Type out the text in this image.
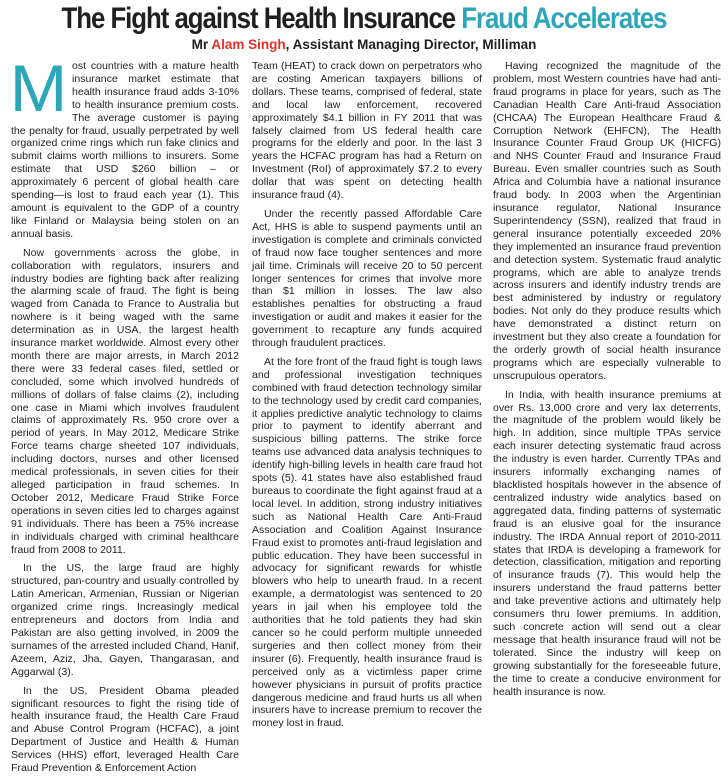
The Fight against Health Insurance Fraud Accelerates
Mr Alam Singh, Assistant Managing Director, Milliman

Most countries with a mature health insurance market estimate that health insurance fraud adds 3-10% to health insurance premium costs. The average customer is paying the penalty for fraud, usually perpetrated by well organized crime rings which run fake clinics and submit claims worth millions to insurers. Some estimate that USD $260 billion – or approximately 6 percent of global health care spending—is lost to fraud each year (1). This amount is equivalent to the GDP of a country like Finland or Malaysia being stolen on an annual basis.

Now governments across the globe, in collaboration with regulators, insurers and industry bodies are fighting back after realizing the alarming scale of fraud. The fight is being waged from Canada to France to Australia but nowhere is it being waged with the same determination as in USA, the largest health insurance market worldwide. Almost every other month there are major arrests, in March 2012 there were 33 federal cases filed, settled or concluded, some which involved hundreds of millions of dollars of false claims (2), including one case in Miami which involves fraudulent claims of approximately Rs. 950 crore over a period of years. In May 2012, Medicare Strike Force teams charge sheeted 107 individuals, including doctors, nurses and other licensed medical professionals, in seven cities for their alleged participation in fraud schemes. In October 2012, Medicare Fraud Strike Force operations in seven cities led to charges against 91 individuals. There has been a 75% increase in individuals charged with criminal healthcare fraud from 2008 to 2011.

In the US, the large fraud are highly structured, pan-country and usually controlled by Latin American, Armenian, Russian or Nigerian organized crime rings. Increasingly medical entrepreneurs and doctors from India and Pakistan are also getting involved, in 2009 the surnames of the arrested included Chand, Hanif, Azeem, Aziz, Jha, Gayen, Thangarasan, and Aggarwal (3).

In the US, President Obama pleaded significant resources to fight the rising tide of health insurance fraud, the Health Care Fraud and Abuse Control Program (HCFAC), a joint Department of Justice and Health & Human Services (HHS) effort, leveraged Health Care Fraud Prevention & Enforcement Action

Team (HEAT) to crack down on perpetrators who are costing American taxpayers billions of dollars. These teams, comprised of federal, state and local law enforcement, recovered approximately $4.1 billion in FY 2011 that was falsely claimed from US federal health care programs for the elderly and poor. In the last 3 years the HCFAC program has had a Return on Investment (RoI) of approximately $7.2 to every dollar that was spent on detecting health insurance fraud (4).

Under the recently passed Affordable Care Act, HHS is able to suspend payments until an investigation is complete and criminals convicted of fraud now face tougher sentences and more jail time. Criminals will receive 20 to 50 percent longer sentences for crimes that involve more than $1 million in losses. The law also establishes penalties for obstructing a fraud investigation or audit and makes it easier for the government to recapture any funds acquired through fraudulent practices.

At the fore front of the fraud fight is tough laws and professional investigation techniques combined with fraud detection technology similar to the technology used by credit card companies, it applies predictive analytic technology to claims prior to payment to identify aberrant and suspicious billing patterns. The strike force teams use advanced data analysis techniques to identify high-billing levels in health care fraud hot spots (5). 41 states have also established fraud bureaus to coordinate the fight against fraud at a local level. In addition, strong industry initiatives such as National Health Care Anti-Fraud Association and Coalition Against Insurance Fraud exist to promotes anti-fraud legislation and public education. They have been successful in advocacy for significant rewards for whistle blowers who help to unearth fraud. In a recent example, a dermatologist was sentenced to 20 years in jail when his employee told the authorities that he told patients they had skin cancer so he could perform multiple unneeded surgeries and then collect money from their insurer (6). Frequently, health insurance fraud is perceived only as a victimless paper crime however physicians in pursuit of profits practice dangerous medicine and fraud hurts us all when insurers have to increase premium to recover the money lost in fraud.

Having recognized the magnitude of the problem, most Western countries have had anti-fraud programs in place for years, such as The Canadian Health Care Anti-fraud Association (CHCAA) The European Healthcare Fraud & Corruption Network (EHFCN), The Health Insurance Counter Fraud Group UK (HICFG) and NHS Counter Fraud and Insurance Fraud Bureau. Even smaller countries such as South Africa and Columbia have a national insurance fraud body. In 2003 when the Argentinian insurance regulator, National Insurance Superintendency (SSN), realized that fraud in general insurance potentially exceeded 20% they implemented an insurance fraud prevention and detection system. Systematic fraud analytic programs, which are able to analyze trends across insurers and identify industry trends are best administered by industry or regulatory bodies. Not only do they produce results which have demonstrated a distinct return on investment but they also create a foundation for the orderly growth of social health insurance programs which are especially vulnerable to unscrupulous operators.

In India, with health insurance premiums at over Rs. 13,000 crore and very lax deterrents, the magnitude of the problem would likely be high. In addition, since multiple TPAs service each insurer detecting systematic fraud across the industry is even harder. Currently TPAs and insurers informally exchanging names of blacklisted hospitals however in the absence of centralized industry wide analytics based on aggregated data, finding patterns of systematic fraud is an elusive goal for the insurance industry. The IRDA Annual report of 2010-2011 states that IRDA is developing a framework for detection, classification, mitigation and reporting of insurance frauds (7). This would help the insurers understand the fraud patterns better and take preventive actions and ultimately help consumers thru lower premiums. In addition, such concrete action will send out a clear message that health insurance fraud will not be tolerated. Since the industry will keep on growing substantially for the foreseeable future, the time to create a conducive environment for health insurance is now.
